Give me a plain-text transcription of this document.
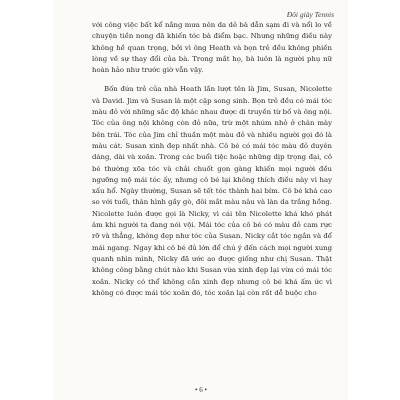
Đôi giày Tennis

với công việc bất kể nắng mưa nên da dẻ bà dẫn sạm đi và nổi lo về chuyện tiền nong đã khiến tóc bà điểm bạc. Nhưng những điều này không hề quan trọng, bởi vì ông Heath và bọn trẻ đều không phiền lòng về sự thay đổi của bà. Trong mắt họ, bà luôn là người phụ nữ hoàn hảo như trước giờ vẫn vậy.

Bốn đứa trẻ của nhà Heath lần lượt tên là Jim, Susan, Nicolette và David. Jim và Susan là một cặp song sinh. Bọn trẻ đều có mái tóc màu đỏ với những sắc độ khác nhau được di truyền từ bố và ông nội. Tóc của ông nội không còn đỏ nữa, trừ một nhúm nhỏ ở chân mày bên trái. Tóc của Jim chỉ thuần một màu đỏ và nhiều người gọi đó là màu cát. Susan xinh đẹp nhất nhà. Cô bé có mái tóc màu đỏ duyên dáng, dài và xoăn. Trong các buổi tiệc hoặc những dịp trọng đại, cô bé thường xõa tóc và chải chuốt gọn gàng khiến mọi người đều ngưỡng mộ mái tóc ấy, nhưng cô bé lại không thích điều này vì hay xấu hổ. Ngày thường, Susan sẽ tết tóc thành hai bím. Cô bé khá cao so với tuổi, thân hình gầy gò, đôi mắt màu nâu và làn da trắng hồng. Nicolette luôn được gọi là Nicky, vì cái tên Nicolette khá khó phát âm khi người ta đang nói vội. Mái tóc của cô bé có màu đỏ cam rực rỡ và thẳng, không đẹp như tóc của Susan. Nicky cắt tóc ngắn và để mái ngang. Ngay khi cô bé đủ lớn để chú ý đến cách mọi người xung quanh nhìn mình, Nicky đã ước ao được giống như chị Susan. Thật không công bằng chút nào khi Susan vừa xinh đẹp lại vừa có mái tóc xoăn. Nicky có thể không cần xinh đẹp nhưng cô bé khá ấm ức vì không có được mái tóc xoăn đó, tóc xoăn lại còn rất dễ buộc cho

• 6 •
